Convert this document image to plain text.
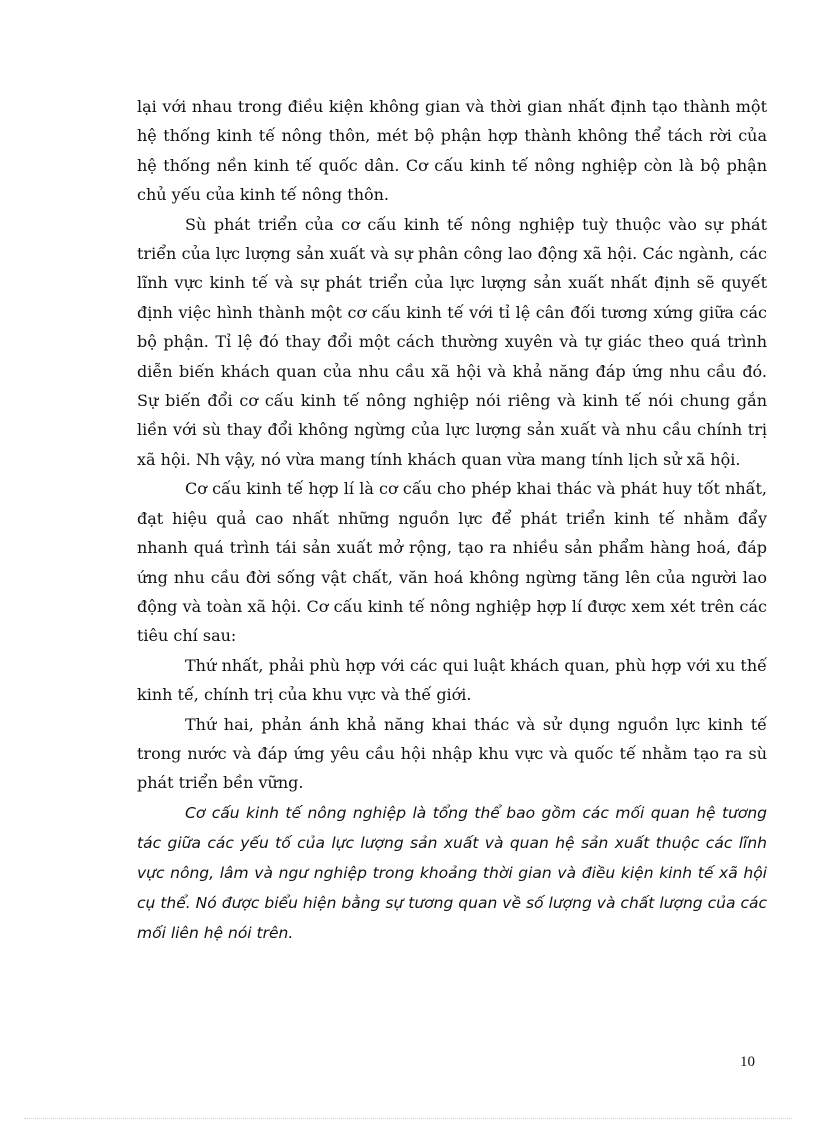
lại với nhau trong điều kiện không gian và thời gian nhất định tạo thành một hệ thống kinh tế nông thôn, mét bộ phận hợp thành không thể tách rời của hệ thống nền kinh tế quốc dân. Cơ cấu kinh tế nông nghiệp còn là bộ phận chủ yếu của kinh tế nông thôn.

Sù phát triển của cơ cấu kinh tế nông nghiệp tuỳ thuộc vào sự phát triển của lực lượng sản xuất và sự phân công lao động xã hội. Các ngành, các lĩnh vực kinh tế và sự phát triển của lực lượng sản xuất nhất định sẽ quyết định việc hình thành một cơ cấu kinh tế với tỉ lệ cân đối tương xứng giữa các bộ phận. Tỉ lệ đó thay đổi một cách thường xuyên và tự giác theo quá trình diễn biến khách quan của nhu cầu xã hội và khả năng đáp ứng nhu cầu đó. Sự biến đổi cơ cấu kinh tế nông nghiệp nói riêng và kinh tế nói chung gắn liền với sù thay đổi không ngừng của lực lượng sản xuất và nhu cầu chính trị xã hội. Nh vậy, nó vừa mang tính khách quan vừa mang tính lịch sử xã hội.

Cơ cấu kinh tế hợp lí là cơ cấu cho phép khai thác và phát huy tốt nhất, đạt hiệu quả cao nhất những nguồn lực để phát triển kinh tế nhằm đẩy nhanh quá trình tái sản xuất mở rộng, tạo ra nhiều sản phẩm hàng hoá, đáp ứng nhu cầu đời sống vật chất, văn hoá không ngừng tăng lên của người lao động và toàn xã hội. Cơ cấu kinh tế nông nghiệp hợp lí được xem xét trên các tiêu chí sau:

Thứ nhất, phải phù hợp với các qui luật khách quan, phù hợp với xu thế kinh tế, chính trị của khu vực và thế giới.

Thứ hai, phản ánh khả năng khai thác và sử dụng nguồn lực kinh tế trong nước và đáp ứng yêu cầu hội nhập khu vực và quốc tế nhằm tạo ra sù phát triển bền vững.

Cơ cấu kinh tế nông nghiệp là tổng thể bao gồm các mối quan hệ tương tác giữa các yếu tố của lực lượng sản xuất và quan hệ sản xuất thuộc các lĩnh vực nông, lâm và ngư nghiệp trong khoảng thời gian và điều kiện kinh tế xã hội cụ thể. Nó được biểu hiện bằng sự tương quan về số lượng và chất lượng của các mối liên hệ nói trên.

10
